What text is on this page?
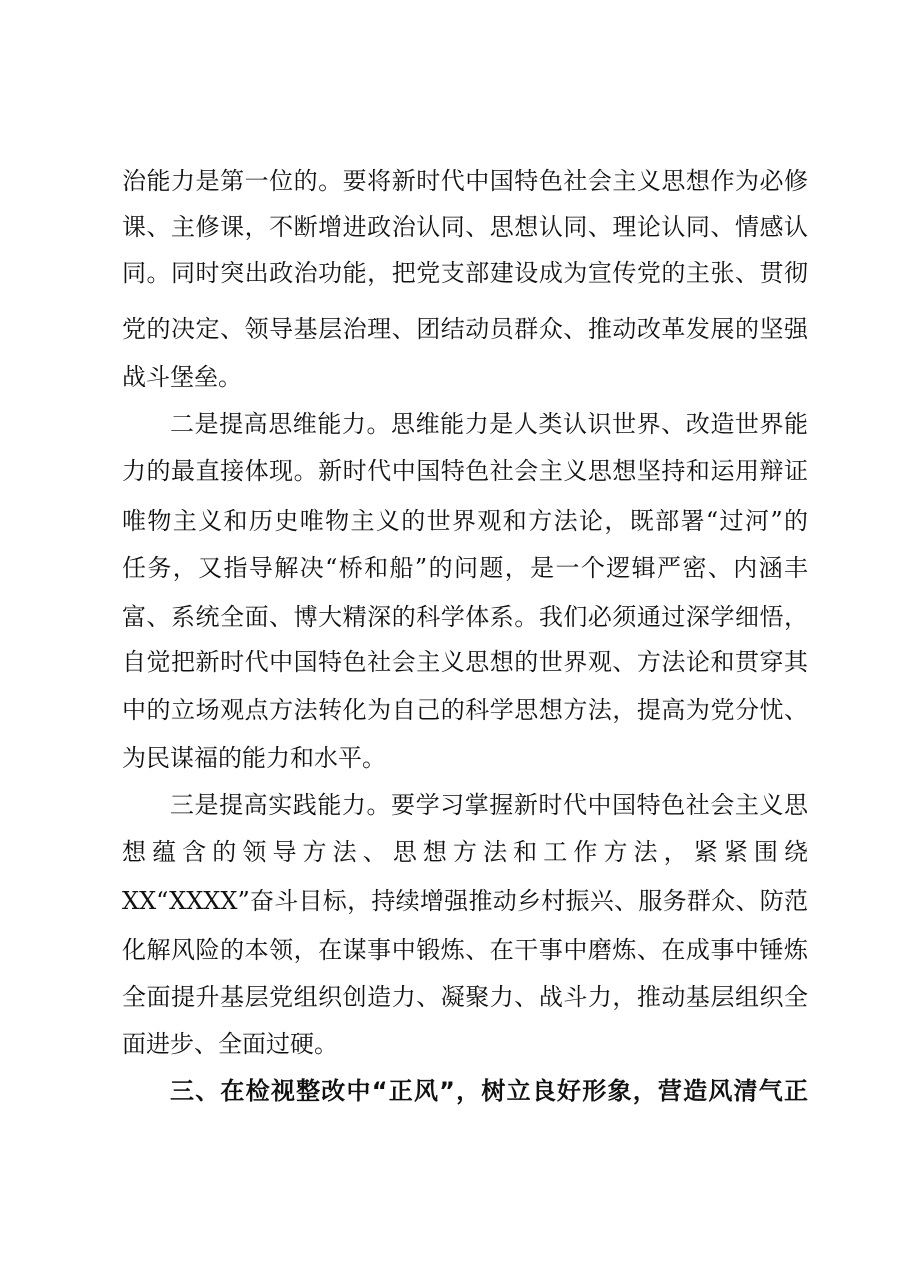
治能力是第一位的。要将新时代中国特色社会主义思想作为必修
课、主修课，不断增进政治认同、思想认同、理论认同、情感认
同。同时突出政治功能，把党支部建设成为宣传党的主张、贯彻
党的决定、领导基层治理、团结动员群众、推动改革发展的坚强
战斗堡垒。
二是提高思维能力。思维能力是人类认识世界、改造世界能
力的最直接体现。新时代中国特色社会主义思想坚持和运用辩证
唯物主义和历史唯物主义的世界观和方法论，既部署“过河”的
任务，又指导解决“桥和船”的问题，是一个逻辑严密、内涵丰
富、系统全面、博大精深的科学体系。我们必须通过深学细悟，
自觉把新时代中国特色社会主义思想的世界观、方法论和贯穿其
中的立场观点方法转化为自己的科学思想方法，提高为党分忧、
为民谋福的能力和水平。
三是提高实践能力。要学习掌握新时代中国特色社会主义思
想蕴含的领导方法、思想方法和工作方法，紧紧围绕
XX“XXXX”奋斗目标，持续增强推动乡村振兴、服务群众、防范
化解风险的本领，在谋事中锻炼、在干事中磨炼、在成事中锤炼
全面提升基层党组织创造力、凝聚力、战斗力，推动基层组织全
面进步、全面过硬。
三、在检视整改中“正风”，树立良好形象，营造风清气正
